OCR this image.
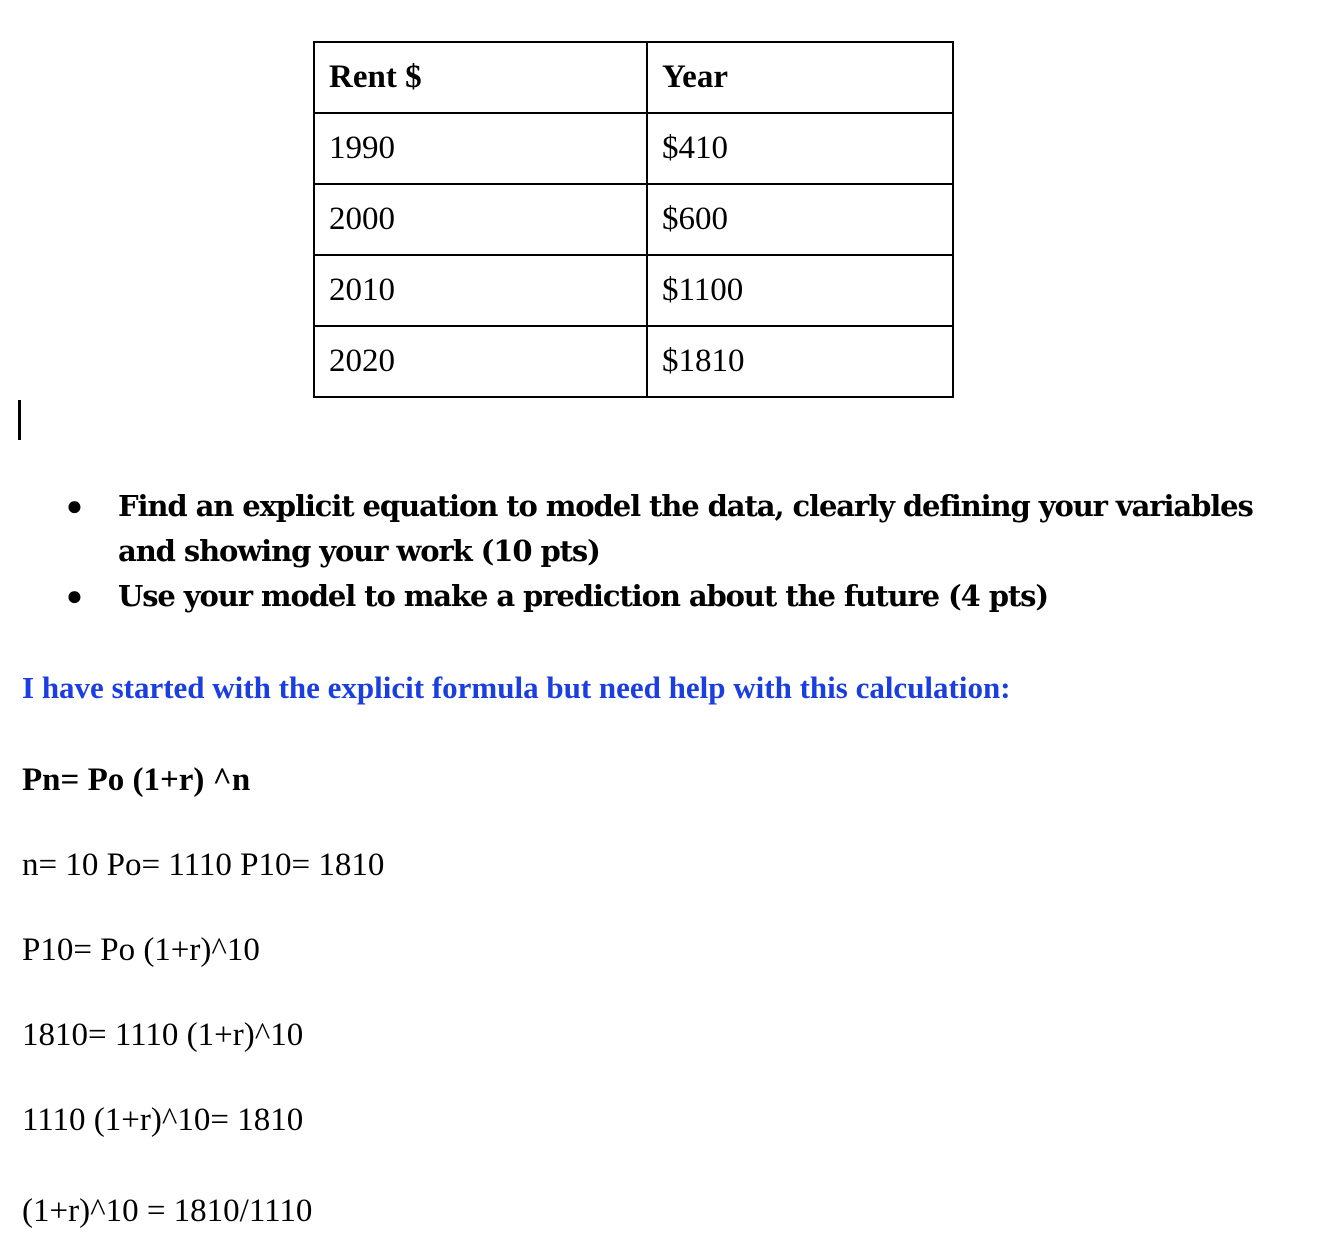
Rent $	Year
1990	$410
2000	$600
2010	$1100
2020	$1810
● Find an explicit equation to model the data, clearly defining your variables and showing your work (10 pts)
● Use your model to make a prediction about the future (4 pts)
I have started with the explicit formula but need help with this calculation:
Pn= Po (1+r) ^n
n= 10 Po= 1110 P10= 1810
P10= Po (1+r)^10
1810= 1110 (1+r)^10
1110 (1+r)^10= 1810
(1+r)^10 = 1810/1110
